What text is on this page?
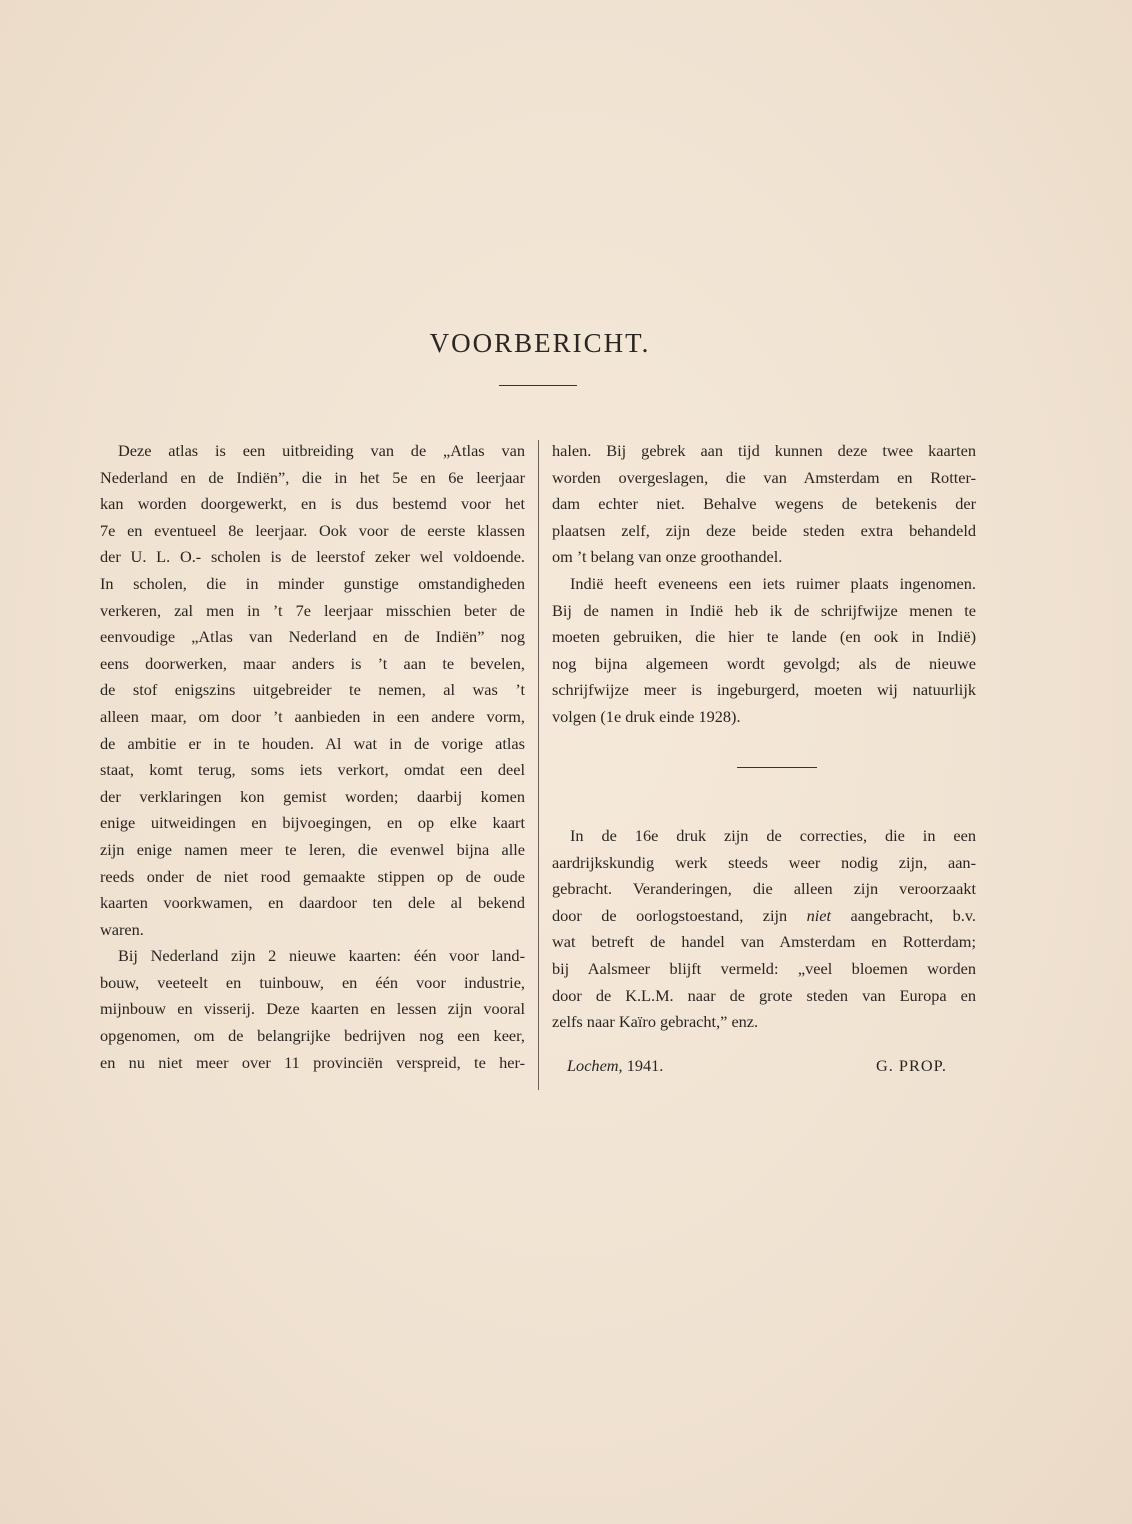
VOORBERICHT.
Deze atlas is een uitbreiding van de „Atlas van
Nederland en de Indiën”, die in het 5e en 6e leerjaar
kan worden doorgewerkt, en is dus bestemd voor het
7e en eventueel 8e leerjaar. Ook voor de eerste klassen
der U. L. O.- scholen is de leerstof zeker wel voldoende.
In scholen, die in minder gunstige omstandigheden
verkeren, zal men in ’t 7e leerjaar misschien beter de
eenvoudige „Atlas van Nederland en de Indiën” nog
eens doorwerken, maar anders is ’t aan te bevelen,
de stof enigszins uitgebreider te nemen, al was ’t
alleen maar, om door ’t aanbieden in een andere vorm,
de ambitie er in te houden. Al wat in de vorige atlas
staat, komt terug, soms iets verkort, omdat een deel
der verklaringen kon gemist worden; daarbij komen
enige uitweidingen en bijvoegingen, en op elke kaart
zijn enige namen meer te leren, die evenwel bijna alle
reeds onder de niet rood gemaakte stippen op de oude
kaarten voorkwamen, en daardoor ten dele al bekend
waren.
Bij Nederland zijn 2 nieuwe kaarten: één voor land-
bouw, veeteelt en tuinbouw, en één voor industrie,
mijnbouw en visserij. Deze kaarten en lessen zijn vooral
opgenomen, om de belangrijke bedrijven nog een keer,
en nu niet meer over 11 provinciën verspreid, te her-
halen. Bij gebrek aan tijd kunnen deze twee kaarten
worden overgeslagen, die van Amsterdam en Rotter-
dam echter niet. Behalve wegens de betekenis der
plaatsen zelf, zijn deze beide steden extra behandeld
om ’t belang van onze groothandel.
Indië heeft eveneens een iets ruimer plaats ingenomen.
Bij de namen in Indië heb ik de schrijfwijze menen te
moeten gebruiken, die hier te lande (en ook in Indië)
nog bijna algemeen wordt gevolgd; als de nieuwe
schrijfwijze meer is ingeburgerd, moeten wij natuurlijk
volgen (1e druk einde 1928).
In de 16e druk zijn de correcties, die in een
aardrijkskundig werk steeds weer nodig zijn, aan-
gebracht. Veranderingen, die alleen zijn veroorzaakt
door de oorlogstoestand, zijn niet aangebracht, b.v.
wat betreft de handel van Amsterdam en Rotterdam;
bij Aalsmeer blijft vermeld: „veel bloemen worden
door de K.L.M. naar de grote steden van Europa en
zelfs naar Kaïro gebracht,” enz.
Lochem, 1941.	G. PROP.
